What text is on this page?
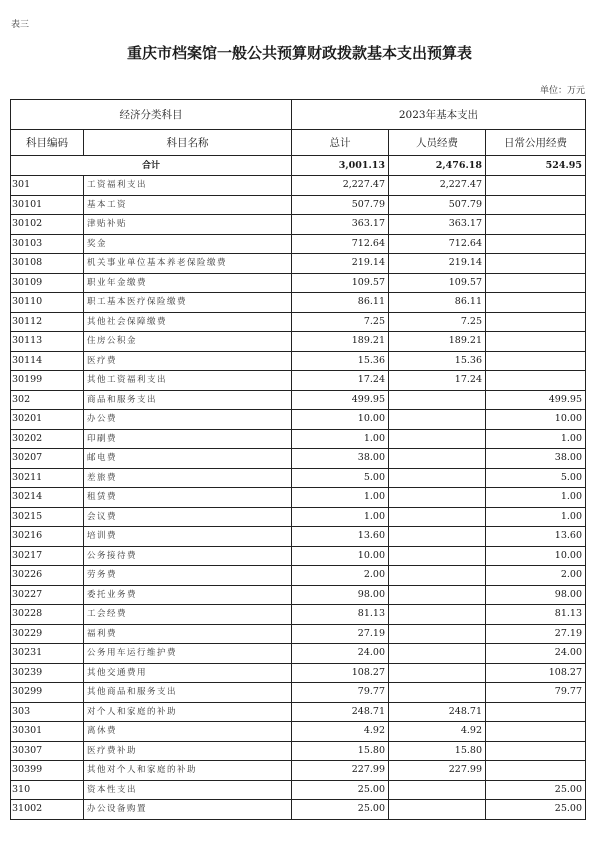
表三
重庆市档案馆一般公共预算财政拨款基本支出预算表
单位：万元
经济分类科目		2023年基本支出		
科目编码	科目名称	总计	人员经费	日常公用经费
合计		3,001.13	2,476.18	524.95
301	工资福利支出	2,227.47	2,227.47	
30101	基本工资	507.79	507.79	
30102	津贴补贴	363.17	363.17	
30103	奖金	712.64	712.64	
30108	机关事业单位基本养老保险缴费	219.14	219.14	
30109	职业年金缴费	109.57	109.57	
30110	职工基本医疗保险缴费	86.11	86.11	
30112	其他社会保障缴费	7.25	7.25	
30113	住房公积金	189.21	189.21	
30114	医疗费	15.36	15.36	
30199	其他工资福利支出	17.24	17.24	
302	商品和服务支出	499.95		499.95
30201	办公费	10.00		10.00
30202	印刷费	1.00		1.00
30207	邮电费	38.00		38.00
30211	差旅费	5.00		5.00
30214	租赁费	1.00		1.00
30215	会议费	1.00		1.00
30216	培训费	13.60		13.60
30217	公务接待费	10.00		10.00
30226	劳务费	2.00		2.00
30227	委托业务费	98.00		98.00
30228	工会经费	81.13		81.13
30229	福利费	27.19		27.19
30231	公务用车运行维护费	24.00		24.00
30239	其他交通费用	108.27		108.27
30299	其他商品和服务支出	79.77		79.77
303	对个人和家庭的补助	248.71	248.71	
30301	离休费	4.92	4.92	
30307	医疗费补助	15.80	15.80	
30399	其他对个人和家庭的补助	227.99	227.99	
310	资本性支出	25.00		25.00
31002	办公设备购置	25.00		25.00
